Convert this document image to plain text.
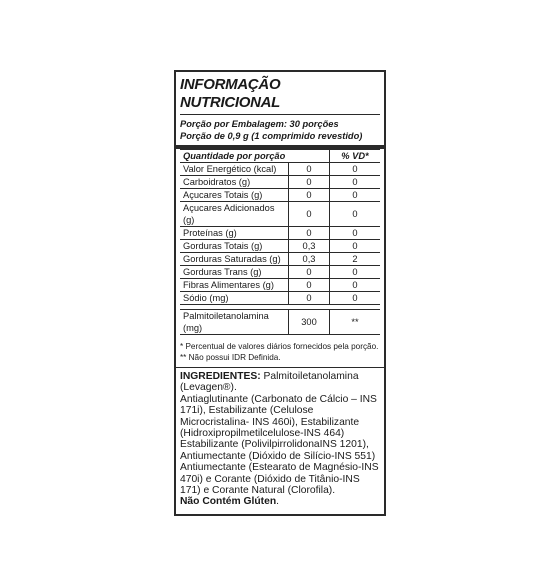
INFORMAÇÃO NUTRICIONAL
Porção por Embalagem: 30 porções
Porção de 0,9 g (1 comprimido revestido)
Quantidade por porção		% VD*
Valor Energético (kcal)	0	0
Carboidratos (g)	0	0
Açucares Totais (g)	0	0
Açucares Adicionados (g)	0	0
Proteínas (g)	0	0
Gorduras Totais (g)	0,3	0
Gorduras Saturadas (g)	0,3	2
Gorduras Trans (g)	0	0
Fibras Alimentares (g)	0	0
Sódio (mg)	0	0

Palmitoiletanolamina (mg)	300	**
* Percentual de valores diários fornecidos pela porção.
** Não possui IDR Definida.

INGREDIENTES: Palmitoiletanolamina (Levagen®).

Antiaglutinante (Carbonato de Cálcio – INS 171i), Estabilizante (Celulose Microcristalina- INS 460i), Estabilizante (Hidroxipropilmetilcelulose-INS 464) Estabilizante (PolivilpirrolidonaINS 1201), Antiumectante (Dióxido de Silício-INS 551) Antiumectante (Estearato de Magnésio-INS 470i) e Corante (Dióxido de Titânio-INS 171) e Corante Natural (Clorofila).

Não Contém Glúten.
